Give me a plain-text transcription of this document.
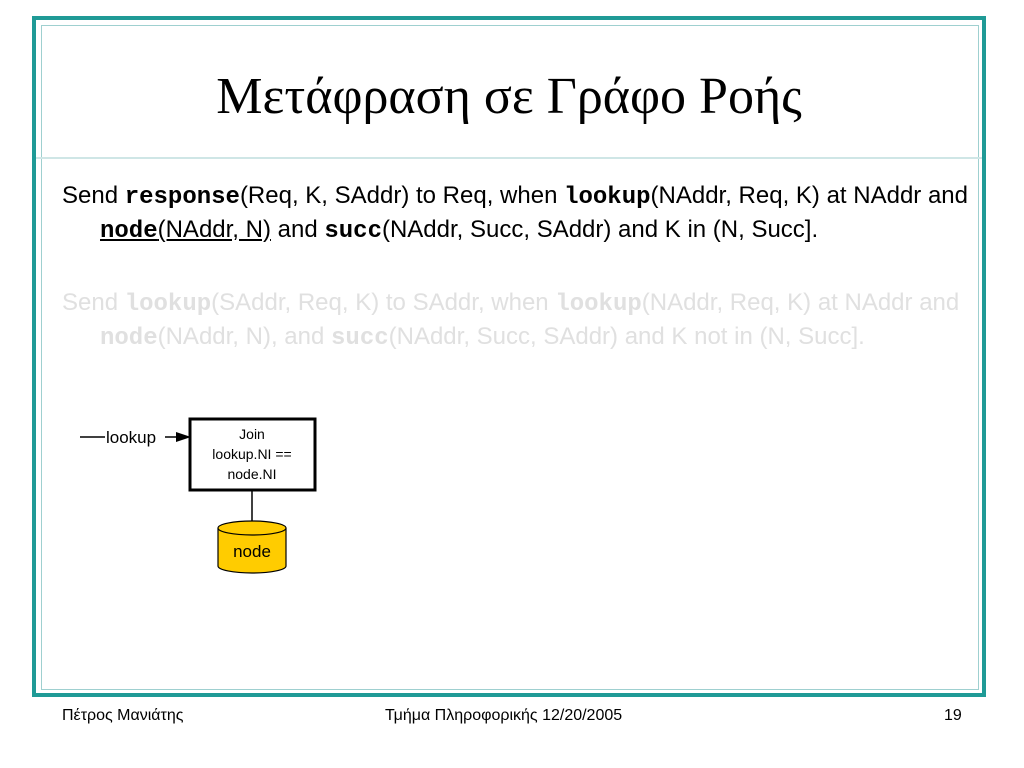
Μετάφραση σε Γράφο Ροής
Send response(Req, K, SAddr) to Req, when lookup(NAddr, Req, K) at NAddr and node(NAddr, N) and succ(NAddr, Succ, SAddr) and K in (N, Succ].
Send lookup(SAddr, Req, K) to SAddr, when lookup(NAddr, Req, K) at NAddr and node(NAddr, N), and succ(NAddr, Succ, SAddr) and K not in (N, Succ].
lookup	Join
lookup.NI ==
node.NI
node
Πέτρος Μανιάτης	Τμήμα Πληροφορικής 12/20/2005	19
